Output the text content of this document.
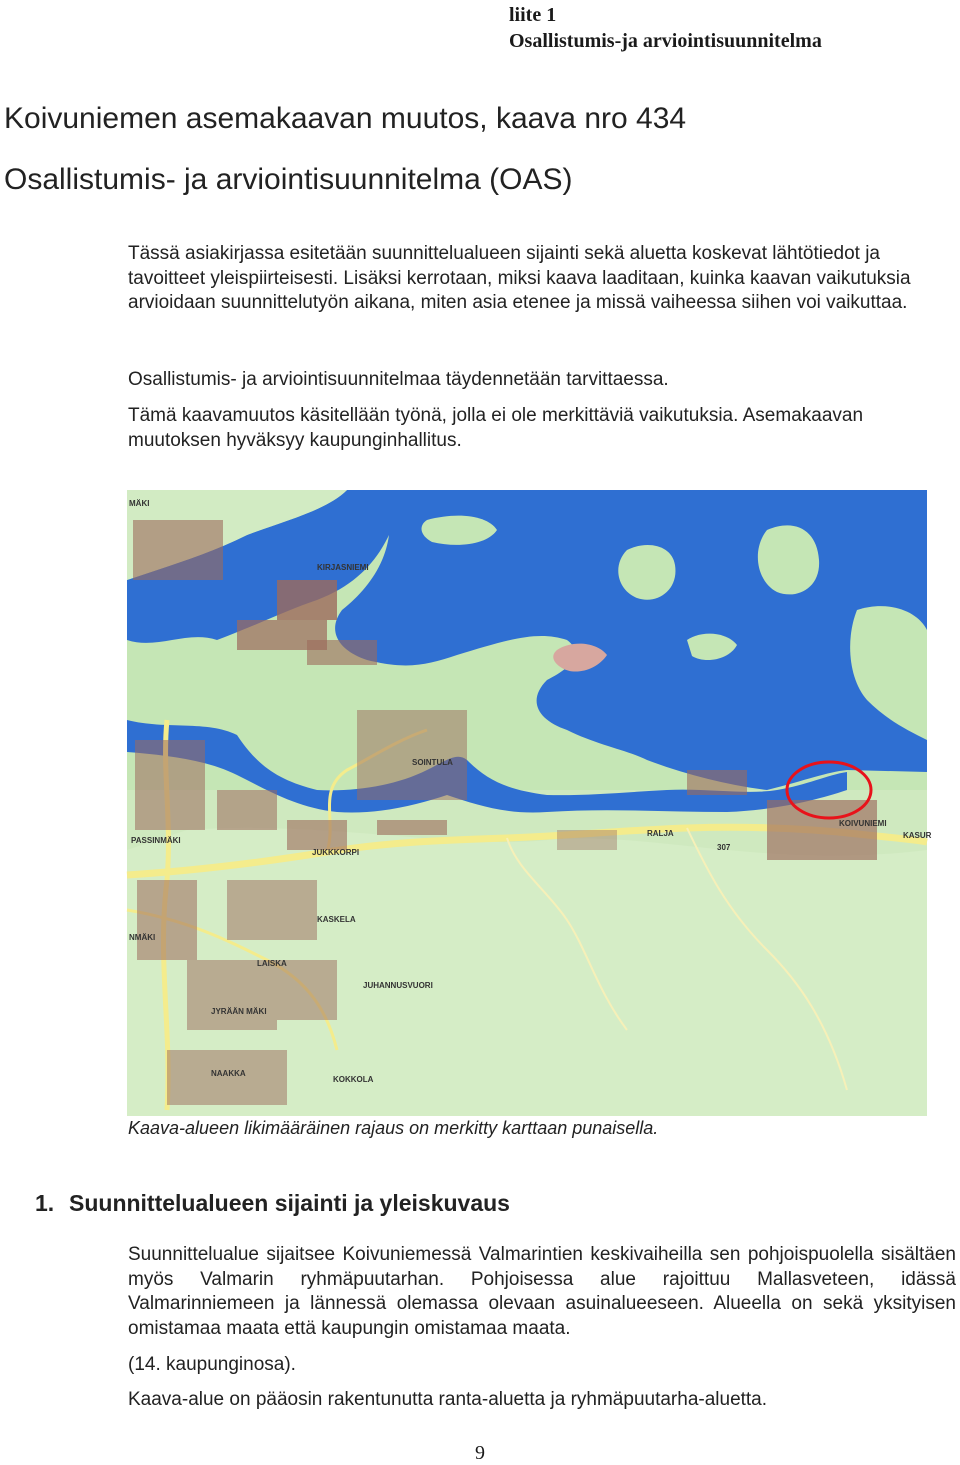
liite 1
Osallistumis-ja arviointisuunnitelma
Koivuniemen asemakaavan muutos, kaava nro 434
Osallistumis- ja arviointisuunnitelma (OAS)

Tässä asiakirjassa esitetään suunnittelualueen sijainti sekä aluetta koskevat lähtötiedot ja tavoitteet yleispiirteisesti. Lisäksi kerrotaan, miksi kaava laaditaan, kuinka kaavan vaikutuksia arvioidaan suunnittelutyön aikana, miten asia etenee ja missä vaiheessa siihen voi vaikuttaa.

Osallistumis- ja arviointisuunnitelmaa täydennetään tarvittaessa.

Tämä kaavamuutos käsitellään työnä, jolla ei ole merkittäviä vaikutuksia. Asemakaavan muutoksen hyväksyy kaupunginhallitus.

KIRJASNIEMI
SOINTULA
PASSINMÄKI
JUKKKORPI
RALJA
KOIVUNIEMI
KASKELA
LAISKA
JUHANNUSVUORI
JYRÄÄN MÄKI
NAAKKA
KOKKOLA
KASUR
MÄKI
NMÄKI
307
Kaava-alueen likimääräinen rajaus on merkitty karttaan punaisella.
1. Suunnittelualueen sijainti ja yleiskuvaus

Suunnittelualue sijaitsee Koivuniemessä Valmarintien keskivaiheilla sen pohjoispuolella sisältäen myös Valmarin ryhmäpuutarhan. Pohjoisessa alue rajoittuu Mallasveteen, idässä Valmarinniemeen ja lännessä olemassa olevaan asuinalueeseen. Alueella on sekä yksityisen omistamaa maata että kaupungin omistamaa maata.

(14. kaupunginosa).

Kaava-alue on pääosin rakentunutta ranta-aluetta ja ryhmäpuutarha-aluetta.

9
